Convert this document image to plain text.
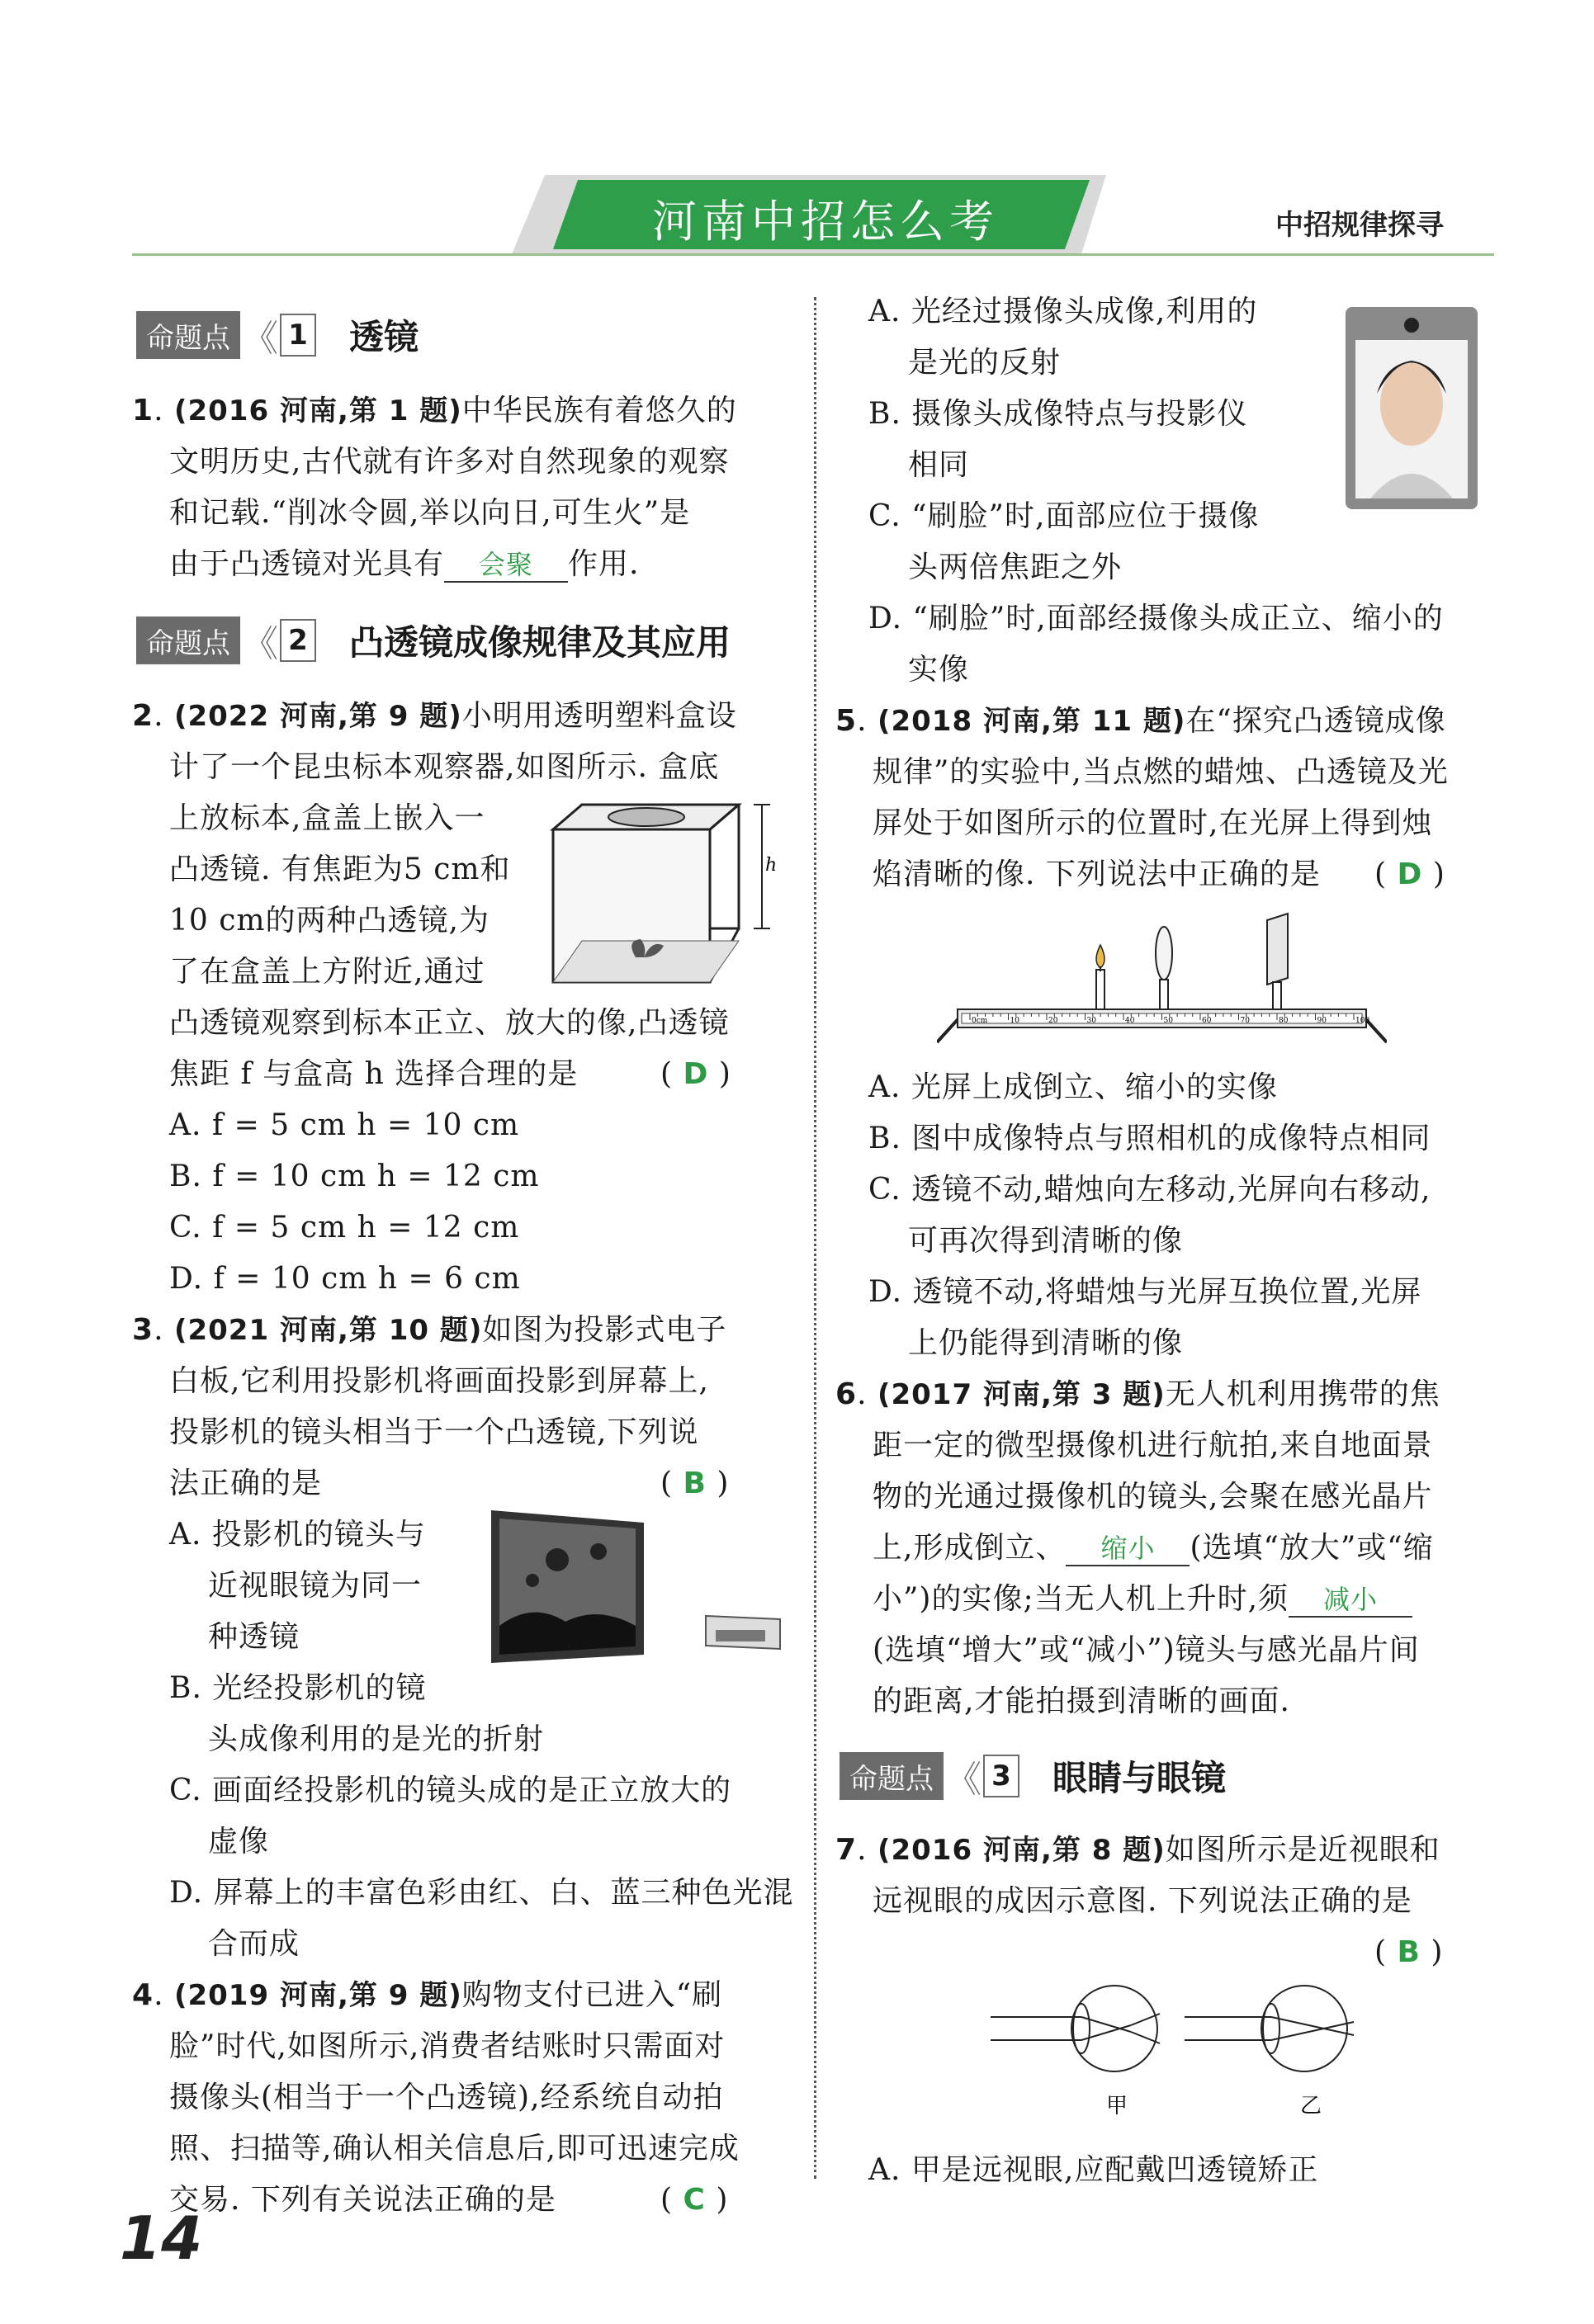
河南中招怎么考	中招规律探寻
命题点 《 1 透镜
1. (2016 河南,第 1 题)中华民族有着悠久的
文明历史,古代就有许多对自然现象的观察
和记载.“削冰令圆,举以向日,可生火”是
由于凸透镜对光具有 会聚 作用.
命题点 《 2 凸透镜成像规律及其应用
2. (2022 河南,第 9 题)小明用透明塑料盒设
计了一个昆虫标本观察器,如图所示. 盒底
上放标本,盒盖上嵌入一
凸透镜. 有焦距为5 cm和
10 cm的两种凸透镜,为
了在盒盖上方附近,通过
凸透镜观察到标本正立、放大的像,凸透镜
焦距 f 与盒高 h 选择合理的是	( D )
h
A. f = 5 cm h = 10 cm
B. f = 10 cm h = 12 cm
C. f = 5 cm h = 12 cm
D. f = 10 cm h = 6 cm
3. (2021 河南,第 10 题)如图为投影式电子
白板,它利用投影机将画面投影到屏幕上,
投影机的镜头相当于一个凸透镜,下列说
法正确的是	( B )
A. 投影机的镜头与
近视眼镜为同一
种透镜
B. 光经投影机的镜
头成像利用的是光的折射
C. 画面经投影机的镜头成的是正立放大的
虚像
D. 屏幕上的丰富色彩由红、白、蓝三种色光混
合而成
4. (2019 河南,第 9 题)购物支付已进入“刷
脸”时代,如图所示,消费者结账时只需面对
摄像头(相当于一个凸透镜),经系统自动拍
照、扫描等,确认相关信息后,即可迅速完成
交易. 下列有关说法正确的是	( C )
14
A. 光经过摄像头成像,利用的
是光的反射
B. 摄像头成像特点与投影仪
相同
C. “刷脸”时,面部应位于摄像
头两倍焦距之外
D. “刷脸”时,面部经摄像头成正立、缩小的
实像
5. (2018 河南,第 11 题)在“探究凸透镜成像
规律”的实验中,当点燃的蜡烛、凸透镜及光
屏处于如图所示的位置时,在光屏上得到烛
焰清晰的像. 下列说法中正确的是 ( D )
0cm	10	20	30	40	50	60	70	80	90	100
A. 光屏上成倒立、缩小的实像
B. 图中成像特点与照相机的成像特点相同
C. 透镜不动,蜡烛向左移动,光屏向右移动,
可再次得到清晰的像
D. 透镜不动,将蜡烛与光屏互换位置,光屏
上仍能得到清晰的像
6. (2017 河南,第 3 题)无人机利用携带的焦
距一定的微型摄像机进行航拍,来自地面景
物的光通过摄像机的镜头,会聚在感光晶片
上,形成倒立、 缩小 (选填“放大”或“缩
小”)的实像;当无人机上升时,须 减小
(选填“增大”或“减小”)镜头与感光晶片间
的距离,才能拍摄到清晰的画面.
命题点 《 3 眼睛与眼镜
7. (2016 河南,第 8 题)如图所示是近视眼和
远视眼的成因示意图. 下列说法正确的是
( B )
甲	乙
A. 甲是远视眼,应配戴凹透镜矫正
